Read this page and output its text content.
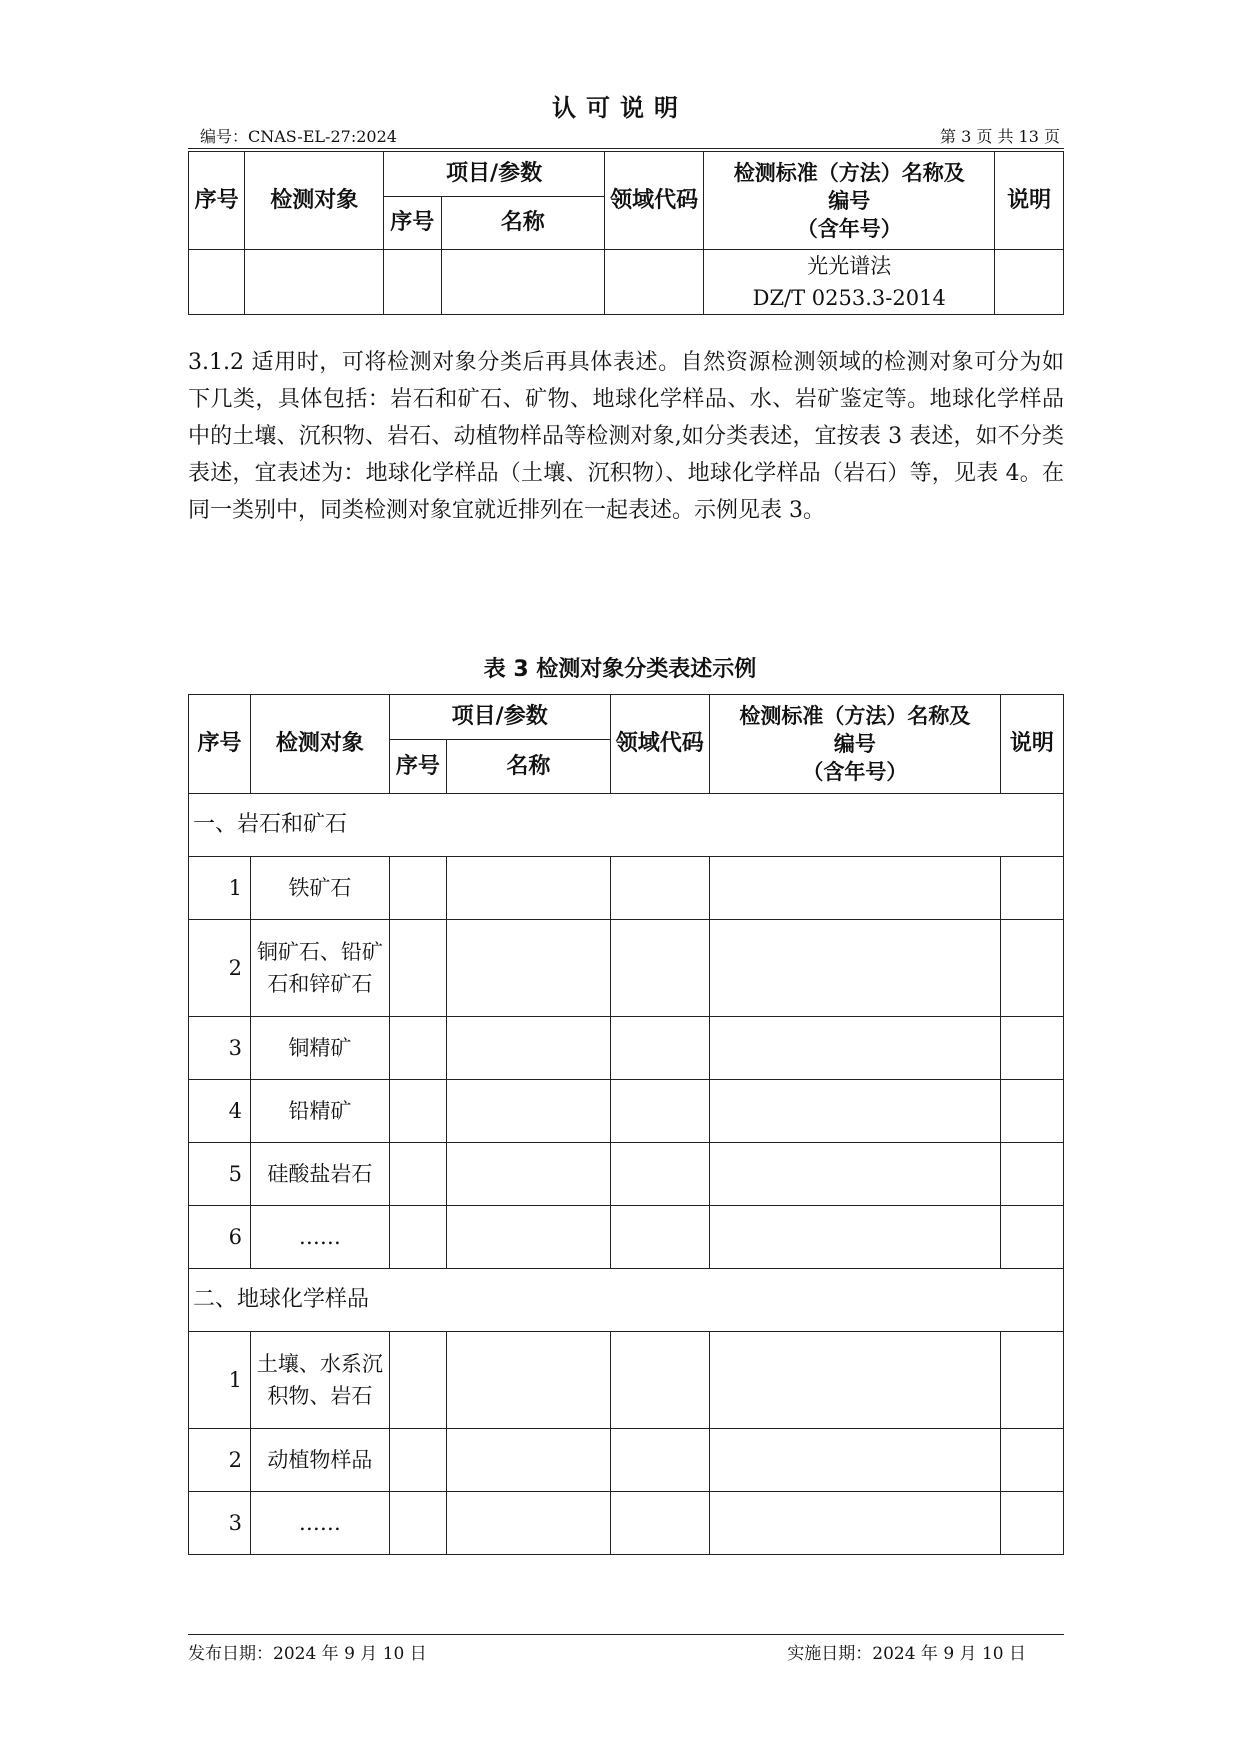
认可说明
编号：CNAS-EL-27:2024	第 3 页 共 13 页
序号	检测对象	项目/参数		领域代码	检测标准（方法）名称及
编号
（含年号）	说明
		序号	名称			

					光光谱法
DZ/T 0253.3-2014	

3.1.2 适用时，可将检测对象分类后再具体表述。自然资源检测领域的检测对象可分为如下几类，具体包括：岩石和矿石、矿物、地球化学样品、水、岩矿鉴定等。地球化学样品中的土壤、沉积物、岩石、动植物样品等检测对象,如分类表述，宜按表 3 表述，如不分类表述，宜表述为：地球化学样品（土壤、沉积物）、地球化学样品（岩石）等，见表 4。在同一类别中，同类检测对象宜就近排列在一起表述。示例见表 3。
表 3 检测对象分类表述示例
序号	检测对象	项目/参数		领域代码	检测标准（方法）名称及
编号
（含年号）	说明
		序号	名称			
一、岩石和矿石						
1	铁矿石					
2	铜矿石、铅矿石和锌矿石					
3	铜精矿					
4	铅精矿					
5	硅酸盐岩石					
6	……					
二、地球化学样品						
1	土壤、水系沉积物、岩石					
2	动植物样品					
3	……					
发布日期：2024 年 9 月 10 日	实施日期：2024 年 9 月 10 日
